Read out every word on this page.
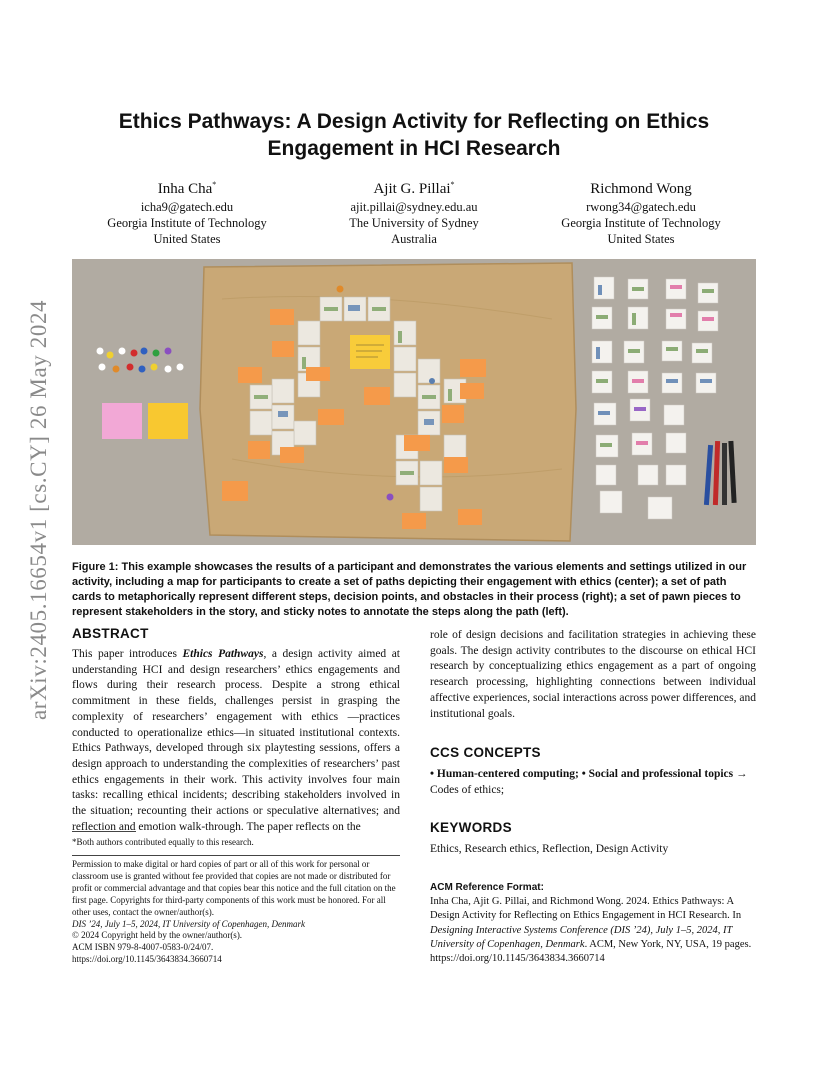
arXiv:2405.16654v1 [cs.CY] 26 May 2024
Ethics Pathways: A Design Activity for Reflecting on Ethics Engagement in HCI Research
Inha Cha*
icha9@gatech.edu
Georgia Institute of Technology
United States
Ajit G. Pillai*
ajit.pillai@sydney.edu.au
The University of Sydney
Australia
Richmond Wong
rwong34@gatech.edu
Georgia Institute of Technology
United States
Figure 1: This example showcases the results of a participant and demonstrates the various elements and settings utilized in our activity, including a map for participants to create a set of paths depicting their engagement with ethics (center); a set of path cards to metaphorically represent different steps, decision points, and obstacles in their process (right); a set of pawn pieces to represent stakeholders in the story, and sticky notes to annotate the steps along the path (left).
ABSTRACT
This paper introduces Ethics Pathways, a design activity aimed at understanding HCI and design researchers’ ethics engagements and flows during their research process. Despite a strong ethical commitment in these fields, challenges persist in grasping the complexity of researchers’ engagement with ethics —practices conducted to operationalize ethics—in situated institutional contexts. Ethics Pathways, developed through six playtesting sessions, offers a design approach to understanding the complexities of researchers’ past ethics engagements in their work. This activity involves four main tasks: recalling ethical incidents; describing stakeholders involved in the situation; recounting their actions or speculative alternatives; and reflection and emotion walk-through. The paper reflects on the
*Both authors contributed equally to this research.
Permission to make digital or hard copies of part or all of this work for personal or classroom use is granted without fee provided that copies are not made or distributed for profit or commercial advantage and that copies bear this notice and the full citation on the first page. Copyrights for third-party components of this work must be honored. For all other uses, contact the owner/author(s).
DIS ’24, July 1–5, 2024, IT University of Copenhagen, Denmark
© 2024 Copyright held by the owner/author(s).
ACM ISBN 979-8-4007-0583-0/24/07.
https://doi.org/10.1145/3643834.3660714
role of design decisions and facilitation strategies in achieving these goals. The design activity contributes to the discourse on ethical HCI research by conceptualizing ethics engagement as a part of ongoing research processing, highlighting connections between individual affective experiences, social interactions across power differences, and institutional goals.
CCS CONCEPTS
• Human-centered computing; • Social and professional topics → Codes of ethics;
KEYWORDS
Ethics, Research ethics, Reflection, Design Activity
ACM Reference Format:
Inha Cha, Ajit G. Pillai, and Richmond Wong. 2024. Ethics Pathways: A Design Activity for Reflecting on Ethics Engagement in HCI Research. In Designing Interactive Systems Conference (DIS ’24), July 1–5, 2024, IT University of Copenhagen, Denmark. ACM, New York, NY, USA, 19 pages.
https://doi.org/10.1145/3643834.3660714
